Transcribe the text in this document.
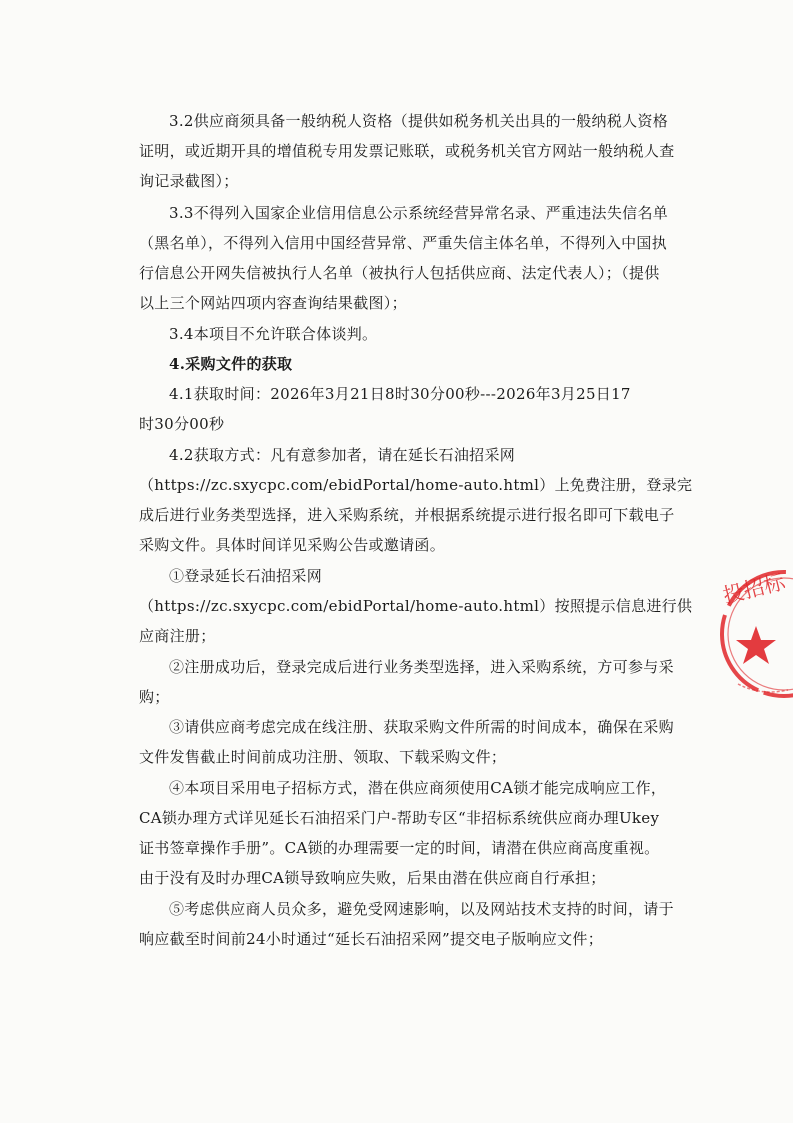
3.2供应商须具备一般纳税人资格（提供如税务机关出具的一般纳税人资格

证明，或近期开具的增值税专用发票记账联，或税务机关官方网站一般纳税人查

询记录截图）；

3.3不得列入国家企业信用信息公示系统经营异常名录、严重违法失信名单

（黑名单），不得列入信用中国经营异常、严重失信主体名单，不得列入中国执

行信息公开网失信被执行人名单（被执行人包括供应商、法定代表人）；（提供

以上三个网站四项内容查询结果截图）；

3.4本项目不允许联合体谈判。

4.采购文件的获取

4.1获取时间：2026年3月21日8时30分00秒---2026年3月25日17

时30分00秒

4.2获取方式：凡有意参加者，请在延长石油招采网

（https://zc.sxycpc.com/ebidPortal/home-auto.html）上免费注册，登录完

成后进行业务类型选择，进入采购系统，并根据系统提示进行报名即可下载电子

采购文件。具体时间详见采购公告或邀请函。

①登录延长石油招采网

（https://zc.sxycpc.com/ebidPortal/home-auto.html）按照提示信息进行供

应商注册；

②注册成功后，登录完成后进行业务类型选择，进入采购系统，方可参与采

购；

③请供应商考虑完成在线注册、获取采购文件所需的时间成本，确保在采购

文件发售截止时间前成功注册、领取、下载采购文件；

④本项目采用电子招标方式，潜在供应商须使用CA锁才能完成响应工作，

CA锁办理方式详见延长石油招采门户-帮助专区“非招标系统供应商办理Ukey

证书签章操作手册”。CA锁的办理需要一定的时间，请潜在供应商高度重视。

由于没有及时办理CA锁导致响应失败，后果由潜在供应商自行承担；

⑤考虑供应商人员众多，避免受网速影响，以及网站技术支持的时间，请于

响应截至时间前24小时通过“延长石油招采网”提交电子版响应文件；

投招标
